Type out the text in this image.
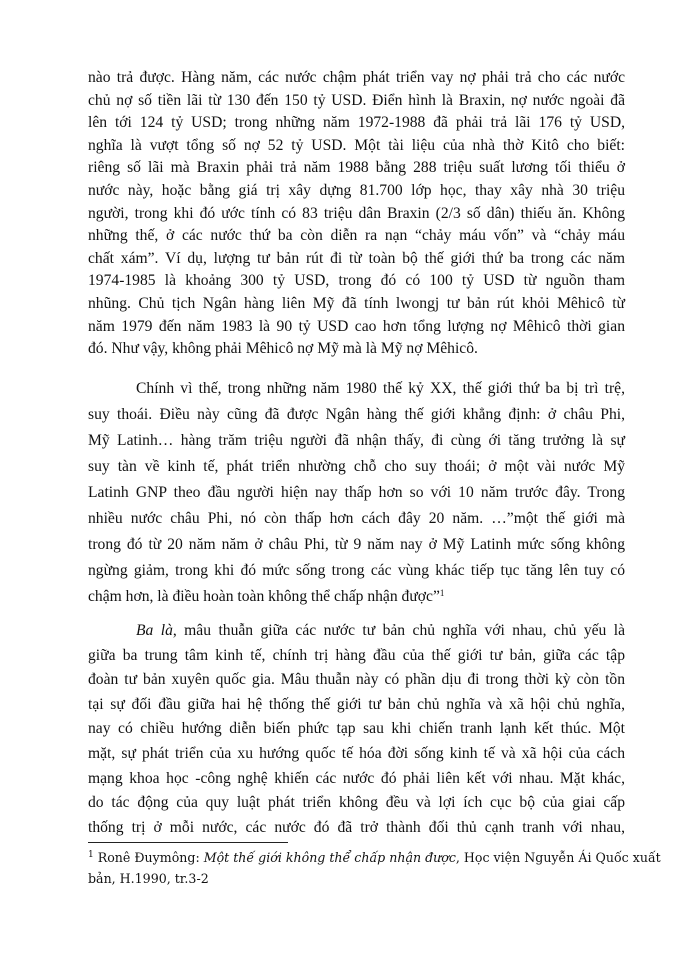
nào trả được. Hàng năm, các nước chậm phát triển vay nợ phải trả cho các nước
chủ nợ số tiền lãi từ 130 đến 150 tỷ USD. Điển hình là Braxin, nợ nước ngoài đã
lên tới 124 tỷ USD; trong những năm 1972-1988 đã phải trả lãi 176 tỷ USD,
nghĩa là vượt tổng số nợ 52 tỷ USD. Một tài liệu của nhà thờ Kitô cho biết:
riêng số lãi mà Braxin phải trả năm 1988 bằng 288 triệu suất lương tối thiểu ở
nước này, hoặc bằng giá trị xây dựng 81.700 lớp học, thay xây nhà 30 triệu
người, trong khi đó ước tính có 83 triệu dân Braxin (2/3 số dân) thiếu ăn. Không
những thế, ở các nước thứ ba còn diễn ra nạn “chảy máu vốn” và “chảy máu
chất xám”. Ví dụ, lượng tư bản rút đi từ toàn bộ thế giới thứ ba trong các năm
1974-1985 là khoảng 300 tỷ USD, trong đó có 100 tỷ USD từ nguồn tham
nhũng. Chủ tịch Ngân hàng liên Mỹ đã tính lwongj tư bản rút khỏi Mêhicô từ
năm 1979 đến năm 1983 là 90 tỷ USD cao hơn tổng lượng nợ Mêhicô thời gian
đó. Như vậy, không phải Mêhicô nợ Mỹ mà là Mỹ nợ Mêhicô.
Chính vì thế, trong những năm 1980 thế kỷ XX, thế giới thứ ba bị trì trệ,
suy thoái. Điều này cũng đã được Ngân hàng thế giới khẳng định: ở châu Phi,
Mỹ Latinh… hàng trăm triệu người đã nhận thấy, đi cùng ới tăng trưởng là sự
suy tàn về kinh tế, phát triển nhường chỗ cho suy thoái; ở một vài nước Mỹ
Latinh GNP theo đầu người hiện nay thấp hơn so với 10 năm trước đây. Trong
nhiều nước châu Phi, nó còn thấp hơn cách đây 20 năm. …”một thế giới mà
trong đó từ 20 năm năm ở châu Phi, từ 9 năm nay ở Mỹ Latinh mức sống không
ngừng giảm, trong khi đó mức sống trong các vùng khác tiếp tục tăng lên tuy có
chậm hơn, là điều hoàn toàn không thể chấp nhận được”$^1$
Ba là, mâu thuẫn giữa các nước tư bản chủ nghĩa với nhau, chủ yếu là
giữa ba trung tâm kinh tế, chính trị hàng đầu của thế giới tư bản, giữa các tập
đoàn tư bản xuyên quốc gia. Mâu thuẫn này có phần dịu đi trong thời kỳ còn tồn
tại sự đối đầu giữa hai hệ thống thế giới tư bản chủ nghĩa và xã hội chủ nghĩa,
nay có chiều hướng diễn biến phức tạp sau khi chiến tranh lạnh kết thúc. Một
mặt, sự phát triển của xu hướng quốc tế hóa đời sống kinh tế và xã hội của cách
mạng khoa học -công nghệ khiến các nước đó phải liên kết với nhau. Mặt khác,
do tác động của quy luật phát triển không đều và lợi ích cục bộ của giai cấp
thống trị ở mỗi nước, các nước đó đã trở thành đối thủ cạnh tranh với nhau,
$^1$ Ronê Đuymông: Một thế giới không thể chấp nhận được, Học viện Nguyễn Ái Quốc xuất
bản, H.1990, tr.3-2
